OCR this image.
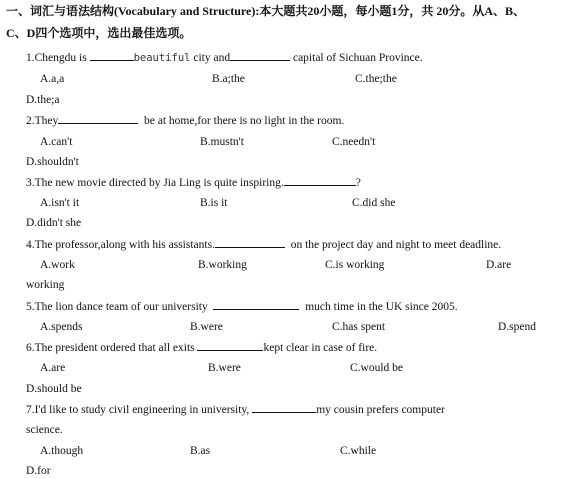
一、词汇与语法结构(Vocabulary and Structure):本大题共20小题，每小题1分，共 20分。从A、B、
C、D四个选项中，选出最佳选项。
1.Chengdu is	beautiful city and	capital of Sichuan Province.
A.a,a	B.a;the	C.the;the
D.the;a
2.They	be at home,for there is no light in the room.
A.can't	B.mustn't	C.needn't
D.shouldn't
3.The new movie directed by Jia Ling is quite inspiring.	?
A.isn't it	B.is it	C.did she
D.didn't she
4.The professor,along with his assistants.	on the project day and night to meet deadline.
A.work	B.working	C.is working	D.are
working
5.The lion dance team of our university	much time in the UK since 2005.
A.spends	B.were	C.has spent	D.spend
6.The president ordered that all exits	kept clear in case of fire.
A.are	B.were	C.would be
D.should be
7.I'd like to study civil engineering in university,	my cousin prefers computer
science.
A.though	B.as	C.while
D.for
